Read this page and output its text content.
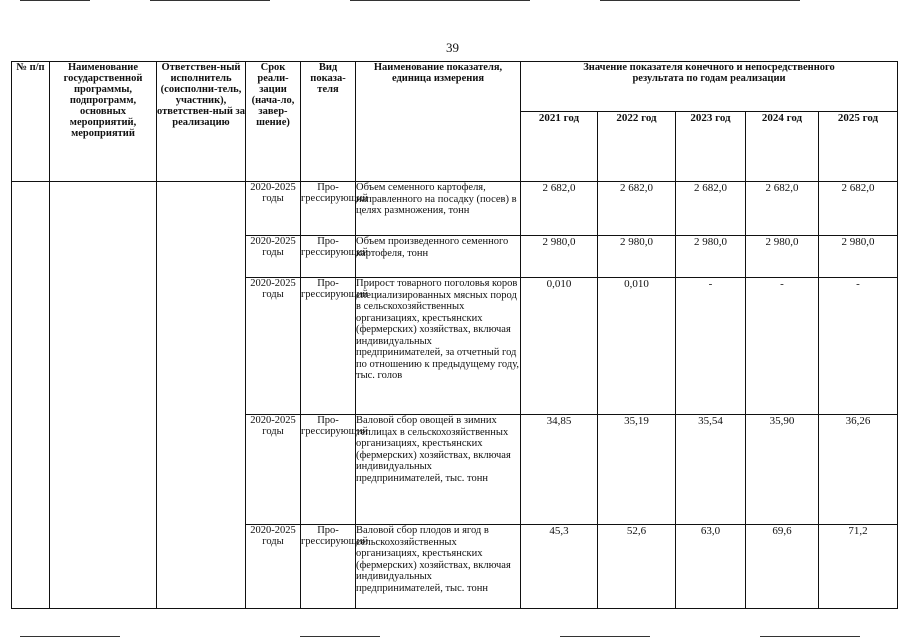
39
№ п/п	Наименование государственной программы, подпрограмм, основных мероприятий, мероприятий	Ответствен-ный исполнитель (соисполни-тель, участник), ответствен-ный за реализацию	Срок реали-зации (нача-ло, завер-шение)	Вид показа-теля	Наименование показателя, единица измерения	Значение показателя конечного и непосредственного результата по годам реализации				
						2021 год	2022 год	2023 год	2024 год	2025 год
			2020-2025 годы	Про-грессирующий	Объем семенного картофеля, направленного на посадку (посев) в целях размножения, тонн	2 682,0	2 682,0	2 682,0	2 682,0	2 682,0
			2020-2025 годы	Про-грессирующий	Объем произведенного семенного картофеля, тонн	2 980,0	2 980,0	2 980,0	2 980,0	2 980,0
			2020-2025 годы	Про-грессирующий	Прирост товарного поголовья коров специализированных мясных пород в сельскохозяйственных организациях, крестьянских (фермерских) хозяйствах, включая индивидуальных предпринимателей, за отчетный год по отношению к предыдущему году, тыс. голов	0,010	0,010	-	-	-
			2020-2025 годы	Про-грессирующий	Валовой сбор овощей в зимних теплицах в сельскохозяйственных организациях, крестьянских (фермерских) хозяйствах, включая индивидуальных предпринимателей, тыс. тонн	34,85	35,19	35,54	35,90	36,26
			2020-2025 годы	Про-грессирующий	Валовой сбор плодов и ягод в сельскохозяйственных организациях, крестьянских (фермерских) хозяйствах, включая индивидуальных предпринимателей, тыс. тонн	45,3	52,6	63,0	69,6	71,2
